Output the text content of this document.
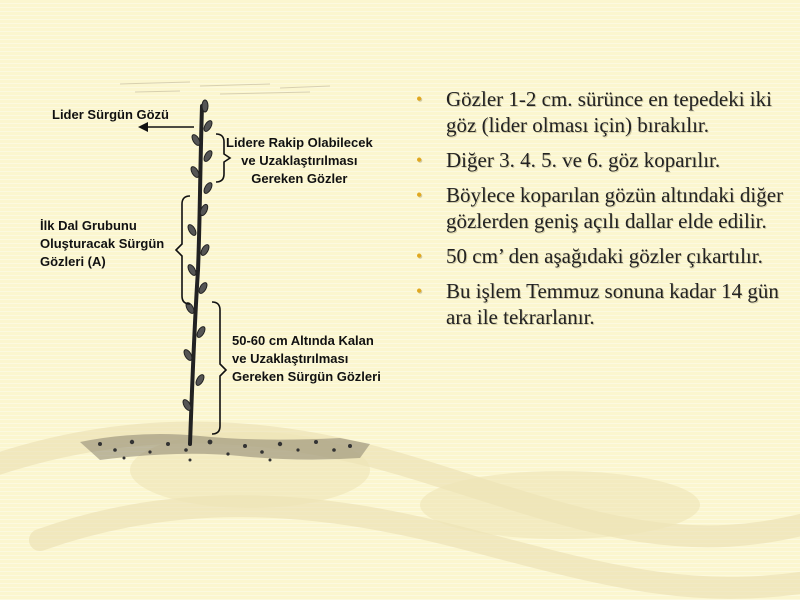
Lider Sürgün Gözü

Lidere Rakip Olabilecek
ve Uzaklaştırılması
Gereken Gözler

İlk Dal Grubunu
Oluşturacak Sürgün
Gözleri (A)

50-60 cm Altında Kalan
ve Uzaklaştırılması
Gereken Sürgün Gözleri

• Gözler 1-2 cm. sürünce en tepedeki iki göz (lider olması için) bırakılır.
• Diğer 3. 4. 5. ve 6. göz koparılır.
• Böylece koparılan gözün altındaki diğer gözlerden geniş açılı dallar elde edilir.
• 50 cm’ den aşağıdaki gözler çıkartılır.
• Bu işlem Temmuz sonuna kadar 14 gün ara ile tekrarlanır.
